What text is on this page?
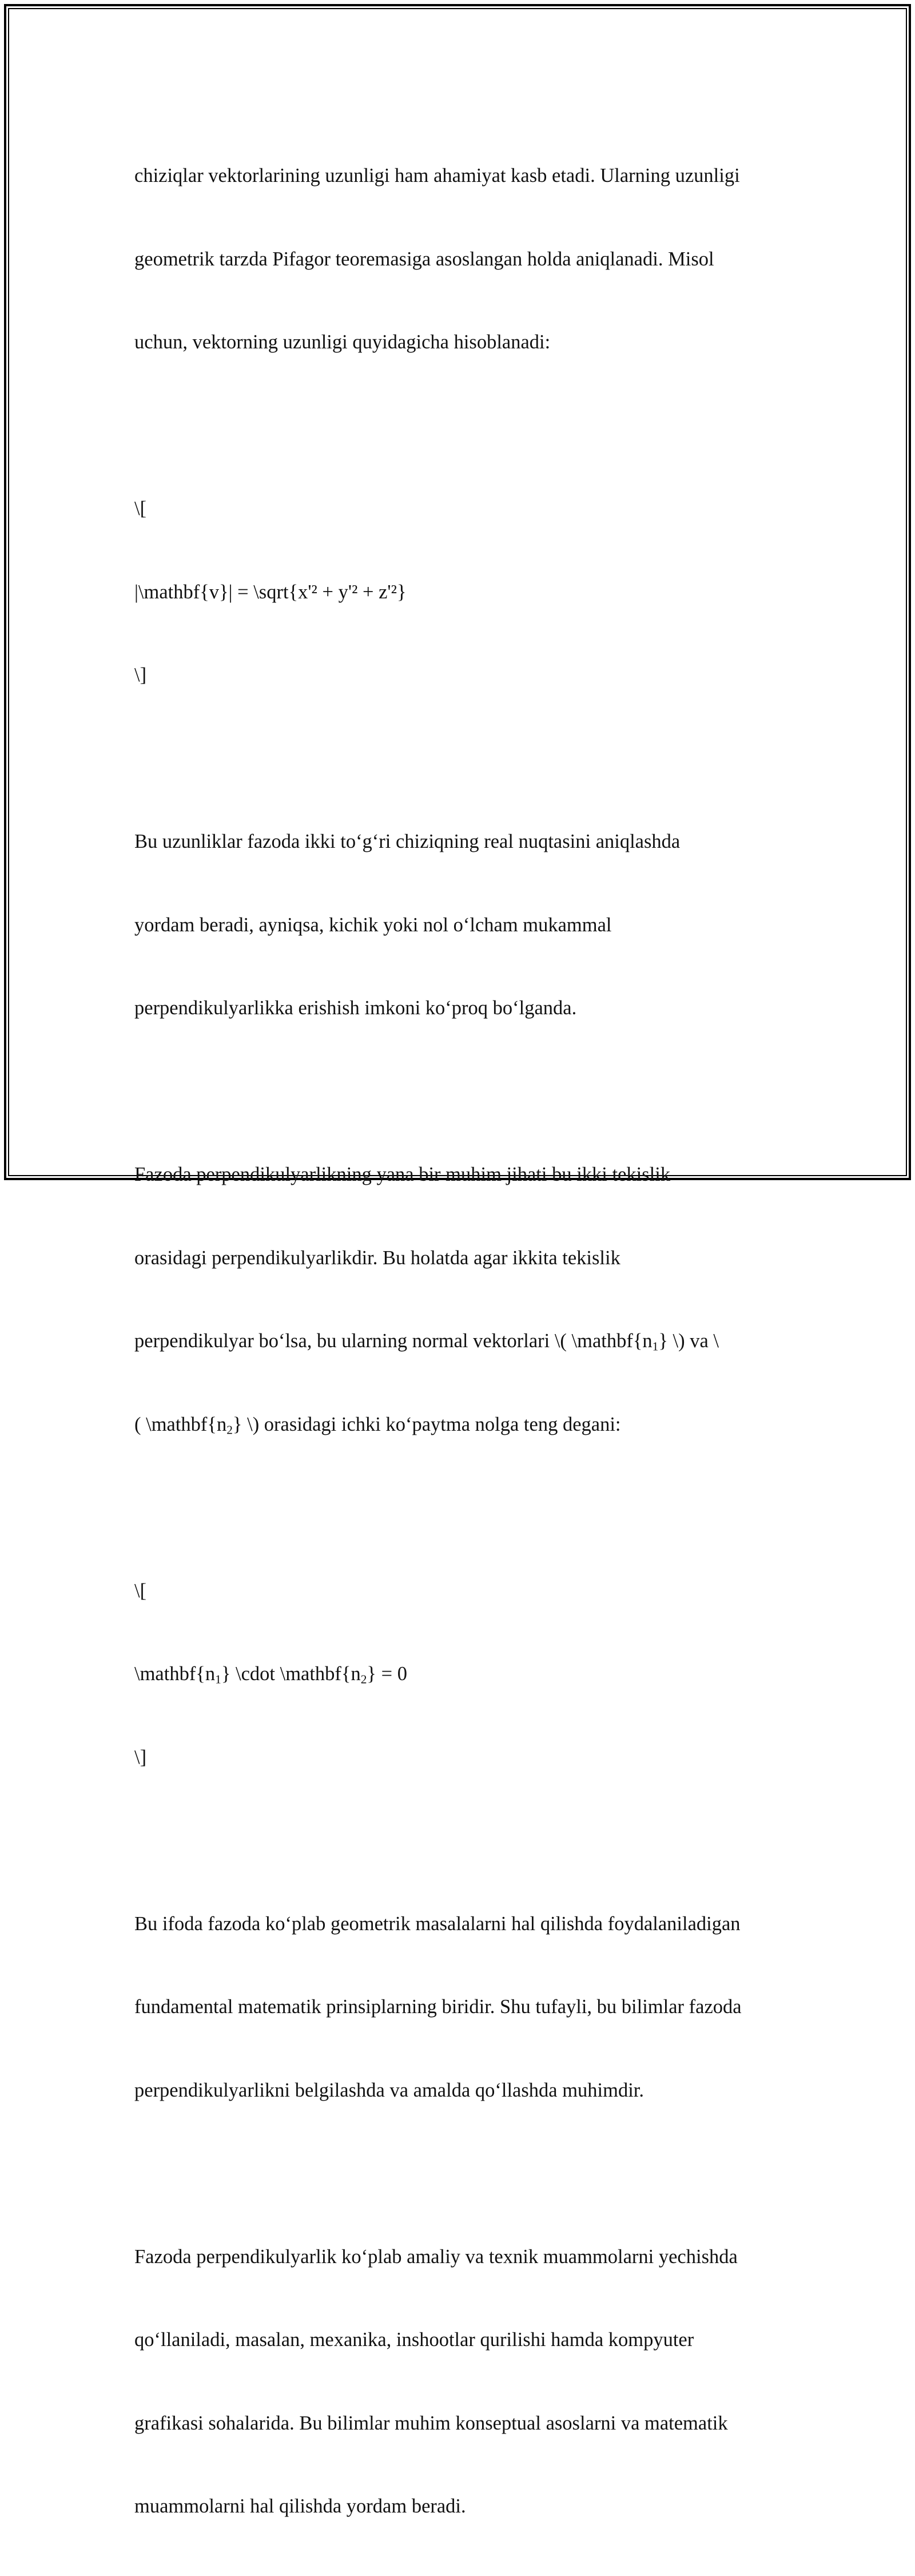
chiziqlar vektorlarining uzunligi ham ahamiyat kasb etadi. Ularning uzunligi

geometrik tarzda Pifagor teoremasiga asoslangan holda aniqlanadi. Misol

uchun, vektorning uzunligi quyidagicha hisoblanadi:

\[

|\mathbf{v}| = \sqrt{x'² + y'² + z'²}

\]

Bu uzunliklar fazoda ikki to‘g‘ri chiziqning real nuqtasini aniqlashda

yordam beradi, ayniqsa, kichik yoki nol o‘lcham mukammal

perpendikulyarlikka erishish imkoni ko‘proq bo‘lganda.

Fazoda perpendikulyarlikning yana bir muhim jihati bu ikki tekislik

orasidagi perpendikulyarlikdir. Bu holatda agar ikkita tekislik

perpendikulyar bo‘lsa, bu ularning normal vektorlari \( $\backslash mathbf\{n_1\}$ \) va \

( $\backslash mathbf\{n_2\}$ \) orasidagi ichki ko‘paytma nolga teng degani:

\[

$\backslash mathbf\{n_1\}$ \cdot $\backslash mathbf\{n_2\} = 0$

\]

Bu ifoda fazoda ko‘plab geometrik masalalarni hal qilishda foydalaniladigan

fundamental matematik prinsiplarning biridir. Shu tufayli, bu bilimlar fazoda

perpendikulyarlikni belgilashda va amalda qo‘llashda muhimdir.

Fazoda perpendikulyarlik ko‘plab amaliy va texnik muammolarni yechishda

qo‘llaniladi, masalan, mexanika, inshootlar qurilishi hamda kompyuter

grafikasi sohalarida. Bu bilimlar muhim konseptual asoslarni va matematik

muammolarni hal qilishda yordam beradi.
